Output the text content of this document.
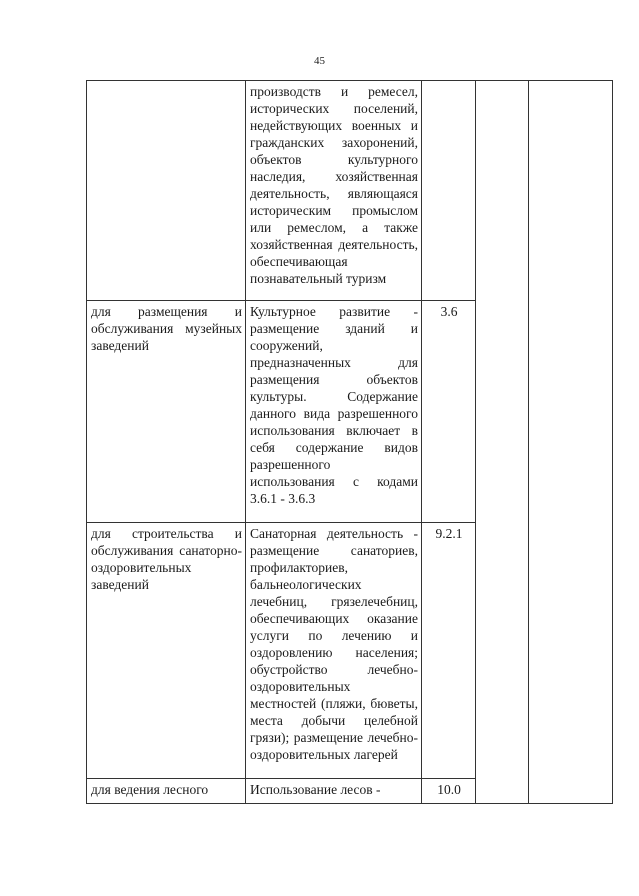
45
	производств и ремесел, исторических поселений, недействующих военных и гражданских захоронений, объектов культурного наследия, хозяйственная деятельность, являющаяся историческим промыслом или ремеслом, а также хозяйственная деятельность, обеспечивающая познавательный туризм			
для размещения и обслуживания музейных заведений	Культурное развитие - размещение зданий и сооружений, предназначенных для размещения объектов культуры. Содержание данного вида разрешенного использования включает в себя содержание видов разрешенного использования с кодами 3.6.1 - 3.6.3	3.6		
для строительства и обслуживания санаторно-оздоровительных заведений	Санаторная деятельность - размещение санаториев, профилакториев, бальнеологических лечебниц, грязелечебниц, обеспечивающих оказание услуги по лечению и оздоровлению населения; обустройство лечебно-оздоровительных местностей (пляжи, бюветы, места добычи целебной грязи); размещение лечебно-оздоровительных лагерей	9.2.1		
для ведения лесного	Использование лесов -	10.0		
